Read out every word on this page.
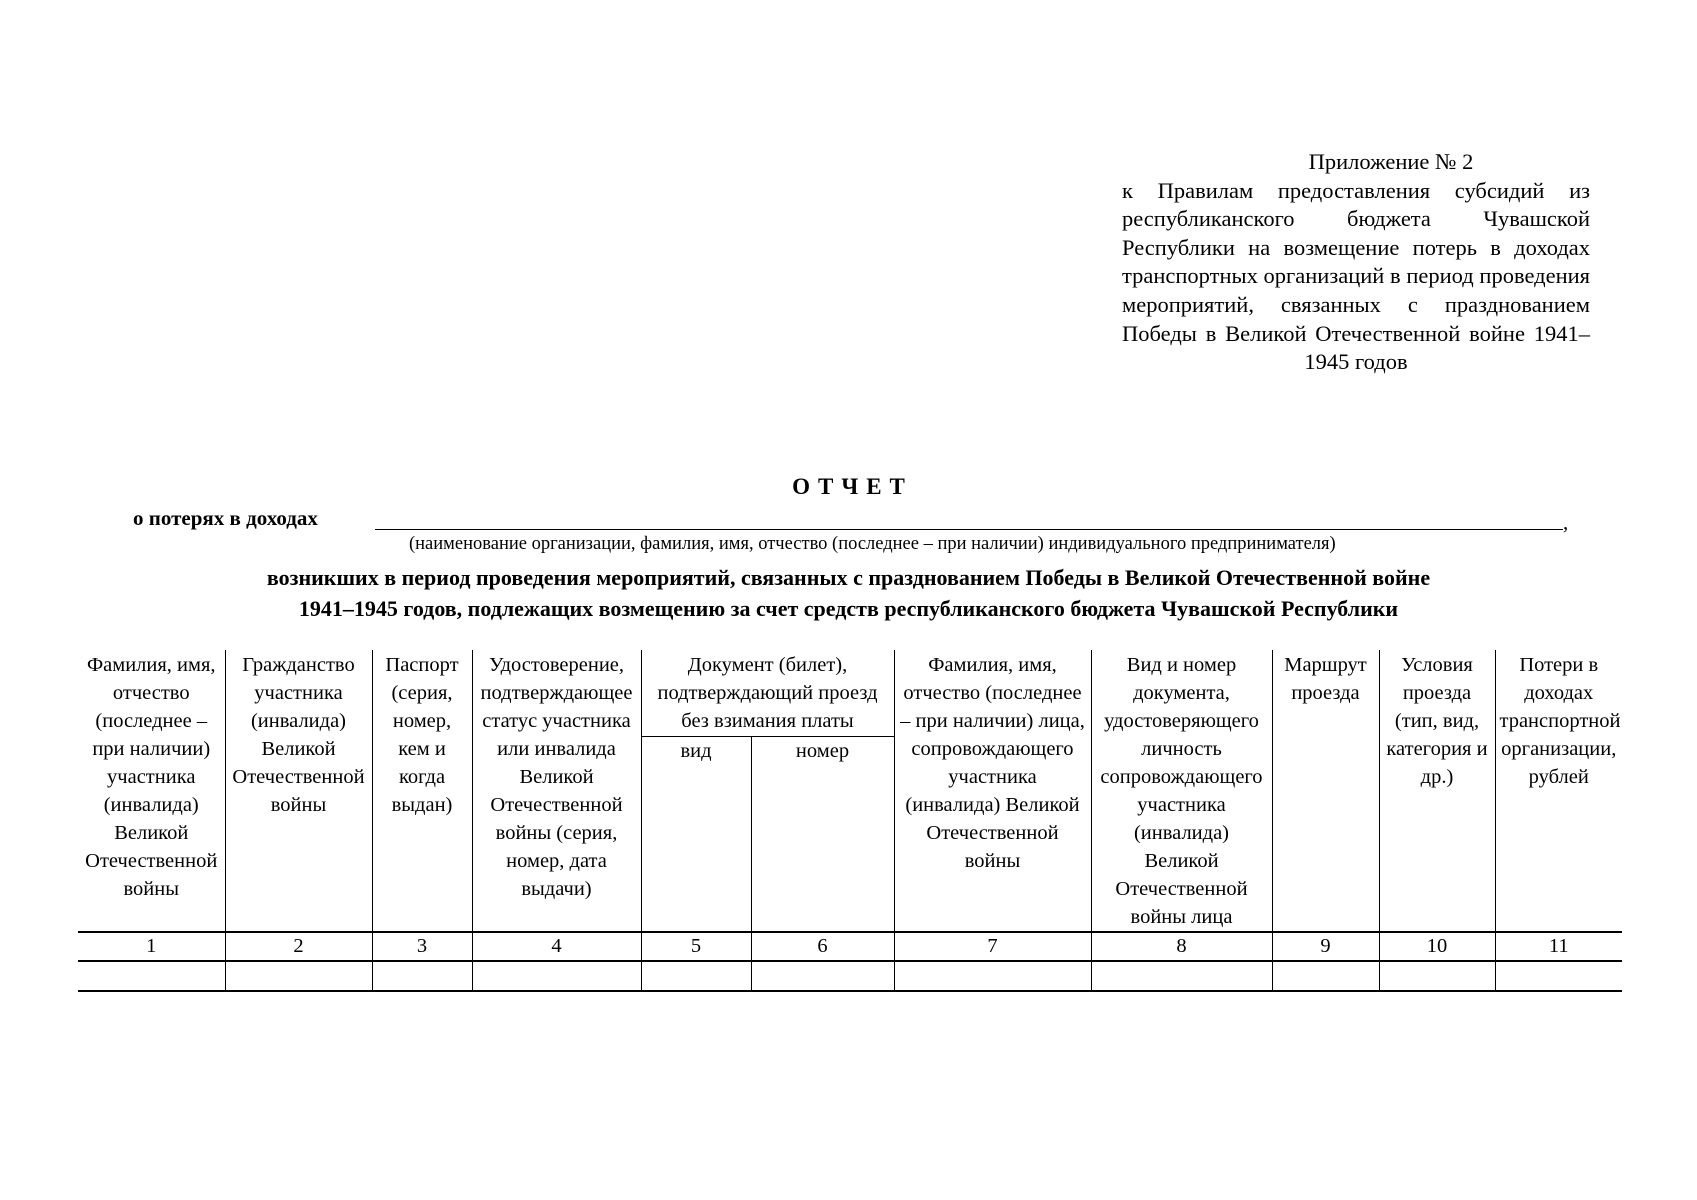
Приложение № 2
к Правилам предоставления субсидий из республиканского бюджета Чувашской Республики на возмещение потерь в доходах транспортных организаций в период проведения мероприятий, связанных с празднованием Победы в Великой Отечественной войне 1941–1945 годов
ОТЧЕТ
о потерях в доходах	,
(наименование организации, фамилия, имя, отчество (последнее – при наличии) индивидуального предпринимателя)
возникших в период проведения мероприятий, связанных с празднованием Победы в Великой Отечественной войне
1941–1945 годов, подлежащих возмещению за счет средств республиканского бюджета Чувашской Республики
Фамилия, имя, отчество (последнее – при наличии) участника (инвалида) Великой Отечественной войны	Гражданство участника (инвалида) Великой Отечественной войны	Паспорт (серия, номер, кем и когда выдан)	Удостоверение, подтверждающее статус участника или инвалида Великой Отечественной войны (серия, номер, дата выдачи)	Документ (билет), подтверждающий проезд без взимания платы		Фамилия, имя, отчество (последнее – при наличии) лица, сопровождающего участника (инвалида) Великой Отечественной войны	Вид и номер документа, удостоверяющего личность сопровождающего участника (инвалида) Великой Отечественной войны лица	Маршрут проезда	Условия проезда (тип, вид, категория и др.)	Потери в доходах транспортной организации, рублей
				вид	номер					
1	2	3	4	5	6	7	8	9	10	11
